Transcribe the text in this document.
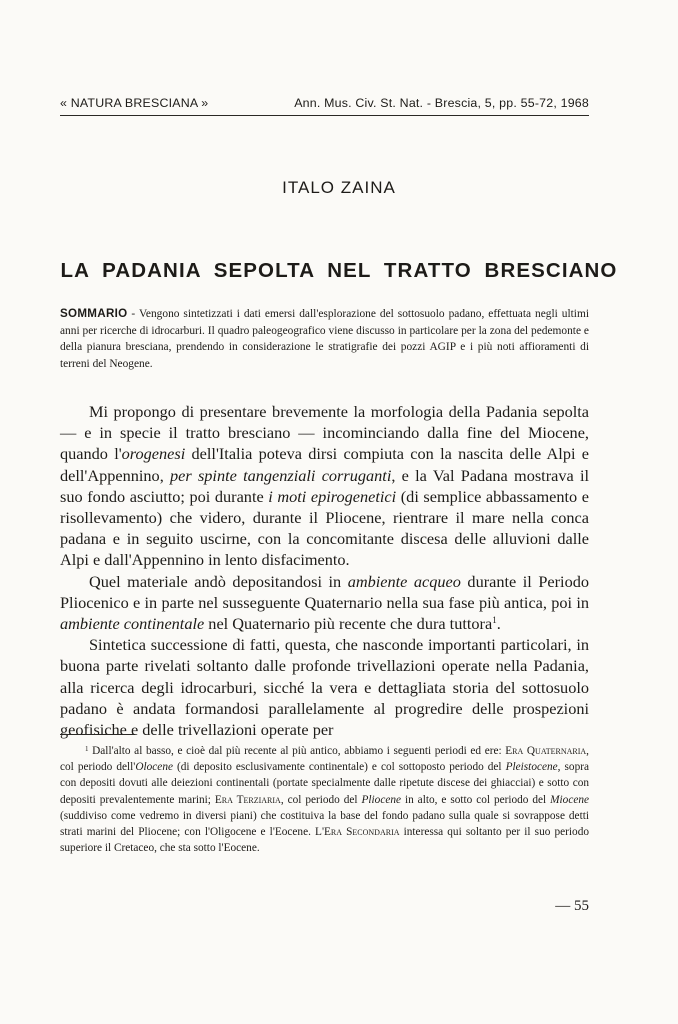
« NATURA BRESCIANA »	Ann. Mus. Civ. St. Nat. - Brescia, 5, pp. 55-72, 1968
ITALO ZAINA
LA PADANIA SEPOLTA NEL TRATTO BRESCIANO
SOMMARIO - Vengono sintetizzati i dati emersi dall'esplorazione del sottosuolo padano, effettuata negli ultimi anni per ricerche di idrocarburi. Il quadro paleogeografico viene discusso in particolare per la zona del pedemonte e della pianura bresciana, prendendo in considerazione le stratigrafie dei pozzi AGIP e i più noti affioramenti di terreni del Neogene.

Mi propongo di presentare brevemente la morfologia della Padania sepolta — e in specie il tratto bresciano — incominciando dalla fine del Miocene, quando l'orogenesi dell'Italia poteva dirsi compiuta con la nascita delle Alpi e dell'Appennino, per spinte tangenziali corruganti, e la Val Padana mostrava il suo fondo asciutto; poi durante i moti epirogenetici (di semplice abbassamento e risollevamento) che videro, durante il Pliocene, rientrare il mare nella conca padana e in seguito uscirne, con la concomitante discesa delle alluvioni dalle Alpi e dall'Appennino in lento disfacimento.

Quel materiale andò depositandosi in ambiente acqueo durante il Periodo Pliocenico e in parte nel susseguente Quaternario nella sua fase più antica, poi in ambiente continentale nel Quaternario più recente che dura tuttora$^1$.

Sintetica successione di fatti, questa, che nasconde importanti particolari, in buona parte rivelati soltanto dalle profonde trivellazioni operate nella Padania, alla ricerca degli idrocarburi, sicché la vera e dettagliata storia del sottosuolo padano è andata formandosi parallelamente al progredire delle prospezioni geofisiche e delle trivellazioni operate per

$^1$ Dall'alto al basso, e cioè dal più recente al più antico, abbiamo i seguenti periodi ed ere: Era Quaternaria, col periodo dell'Olocene (di deposito esclusivamente continentale) e col sottoposto periodo del Pleistocene, sopra con depositi dovuti alle deiezioni continentali (portate specialmente dalle ripetute discese dei ghiacciai) e sotto con depositi prevalentemente marini; Era Terziaria, col periodo del Pliocene in alto, e sotto col periodo del Miocene (suddiviso come vedremo in diversi piani) che costituiva la base del fondo padano sulla quale si sovrappose detti strati marini del Pliocene; con l'Oligocene e l'Eocene. L'Era Secondaria interessa qui soltanto per il suo periodo superiore il Cretaceo, che sta sotto l'Eocene.
— 55
